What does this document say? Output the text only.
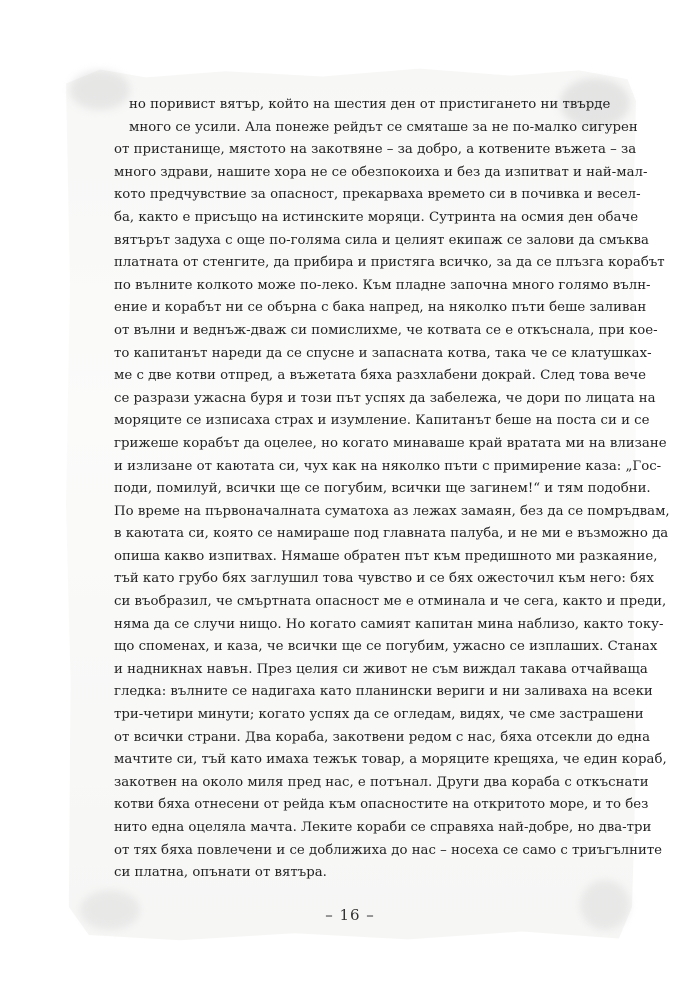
но поривист вятър, който на шестия ден от пристигането ни твърде
много се усили. Ала понеже рейдът се смяташе за не по-малко сигурен
от пристанище, мястото на закотвяне – за добро, а котвените въжета – за
много здрави, нашите хора не се обезпокоиха и без да изпитват и най-мал-
кото предчувствие за опасност, прекарваха времето си в почивка и весел-
ба, както е присъщо на истинските моряци. Сутринта на осмия ден обаче
вятърът задуха с още по-голяма сила и целият екипаж се залови да смъква
платната от стенгите, да прибира и пристяга всичко, за да се плъзга корабът
по вълните колкото може по-леко. Към пладне започна много голямо вълн-
ение и корабът ни се обърна с бака напред, на няколко пъти беше заливан
от вълни и веднъж-дваж си помислихме, че котвата се е откъснала, при кое-
то капитанът нареди да се спусне и запасната котва, така че се клатушках-
ме с две котви отпред, а въжетата бяха разхлабени докрай. След това вече
се разрази ужасна буря и този път успях да забележа, че дори по лицата на
моряците се изписаха страх и изумление. Капитанът беше на поста си и се
грижеше корабът да оцелее, но когато минаваше край вратата ми на влизане
и излизане от каютата си, чух как на няколко пъти с примирение каза: „Гос-
поди, помилуй, всички ще се погубим, всички ще загинем!“ и тям подобни.
По време на първоначалната суматоха аз лежах замаян, без да се помръдвам,
в каютата си, която се намираше под главната палуба, и не ми е възможно да
опиша какво изпитвах. Нямаше обратен път към предишното ми разкаяние,
тъй като грубо бях заглушил това чувство и се бях ожесточил към него: бях
си въобразил, че смъртната опасност ме е отминала и че сега, както и преди,
няма да се случи нищо. Но когато самият капитан мина наблизо, както току-
що споменах, и каза, че всички ще се погубим, ужасно се изплаших. Станах
и надникнах навън. През целия си живот не съм виждал такава отчайваща
гледка: вълните се надигаха като планински вериги и ни заливаха на всеки
три-четири минути; когато успях да се огледам, видях, че сме застрашени
от всички страни. Два кораба, закотвени редом с нас, бяха отсекли до една
мачтите си, тъй като имаха тежък товар, а моряците крещяха, че един кораб,
закотвен на около миля пред нас, е потънал. Други два кораба с откъснати
котви бяха отнесени от рейда към опасностите на откритото море, и то без
нито една оцеляла мачта. Леките кораби се справяха най-добре, но два-три
от тях бяха повлечени и се доближиха до нас – носеха се само с триъгълните
си платна, опънати от вятъра.
– 16 –
